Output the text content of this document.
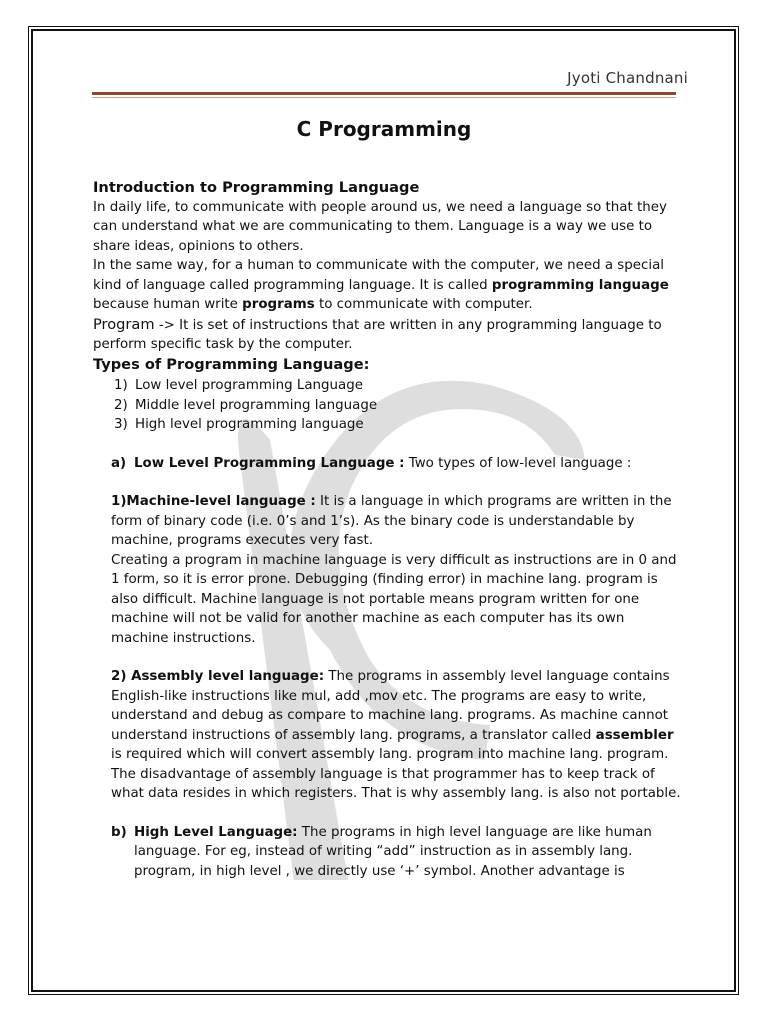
Jyoti Chandnani
C Programming
Introduction to Programming Language

In daily life, to communicate with people around us, we need a language so that they can understand what we are communicating to them. Language is a way we use to share ideas, opinions to others.

In the same way, for a human to communicate with the computer, we need a special kind of language called programming language. It is called programming language because human write programs to communicate with computer.

Program -> It is set of instructions that are written in any programming language to perform specific task by the computer.

Types of Programming Language:
1) Low level programming Language
2) Middle level programming language
3) High level programming language

a) Low Level Programming Language : Two types of low-level language :

1)Machine-level language : It is a language in which programs are written in the form of binary code (i.e. 0’s and 1’s). As the binary code is understandable by machine, programs executes very fast.

Creating a program in machine language is very difficult as instructions are in 0 and 1 form, so it is error prone. Debugging (finding error) in machine lang. program is also difficult. Machine language is not portable means program written for one machine will not be valid for another machine as each computer has its own machine instructions.

2) Assembly level language: The programs in assembly level language contains English-like instructions like mul, add ,mov etc. The programs are easy to write, understand and debug as compare to machine lang. programs. As machine cannot understand instructions of assembly lang. programs, a translator called assembler is required which will convert assembly lang. program into machine lang. program.

The disadvantage of assembly language is that programmer has to keep track of what data resides in which registers. That is why assembly lang. is also not portable.

b) High Level Language: The programs in high level language are like human language. For eg, instead of writing “add” instruction as in assembly lang. program, in high level , we directly use ‘+’ symbol. Another advantage is
